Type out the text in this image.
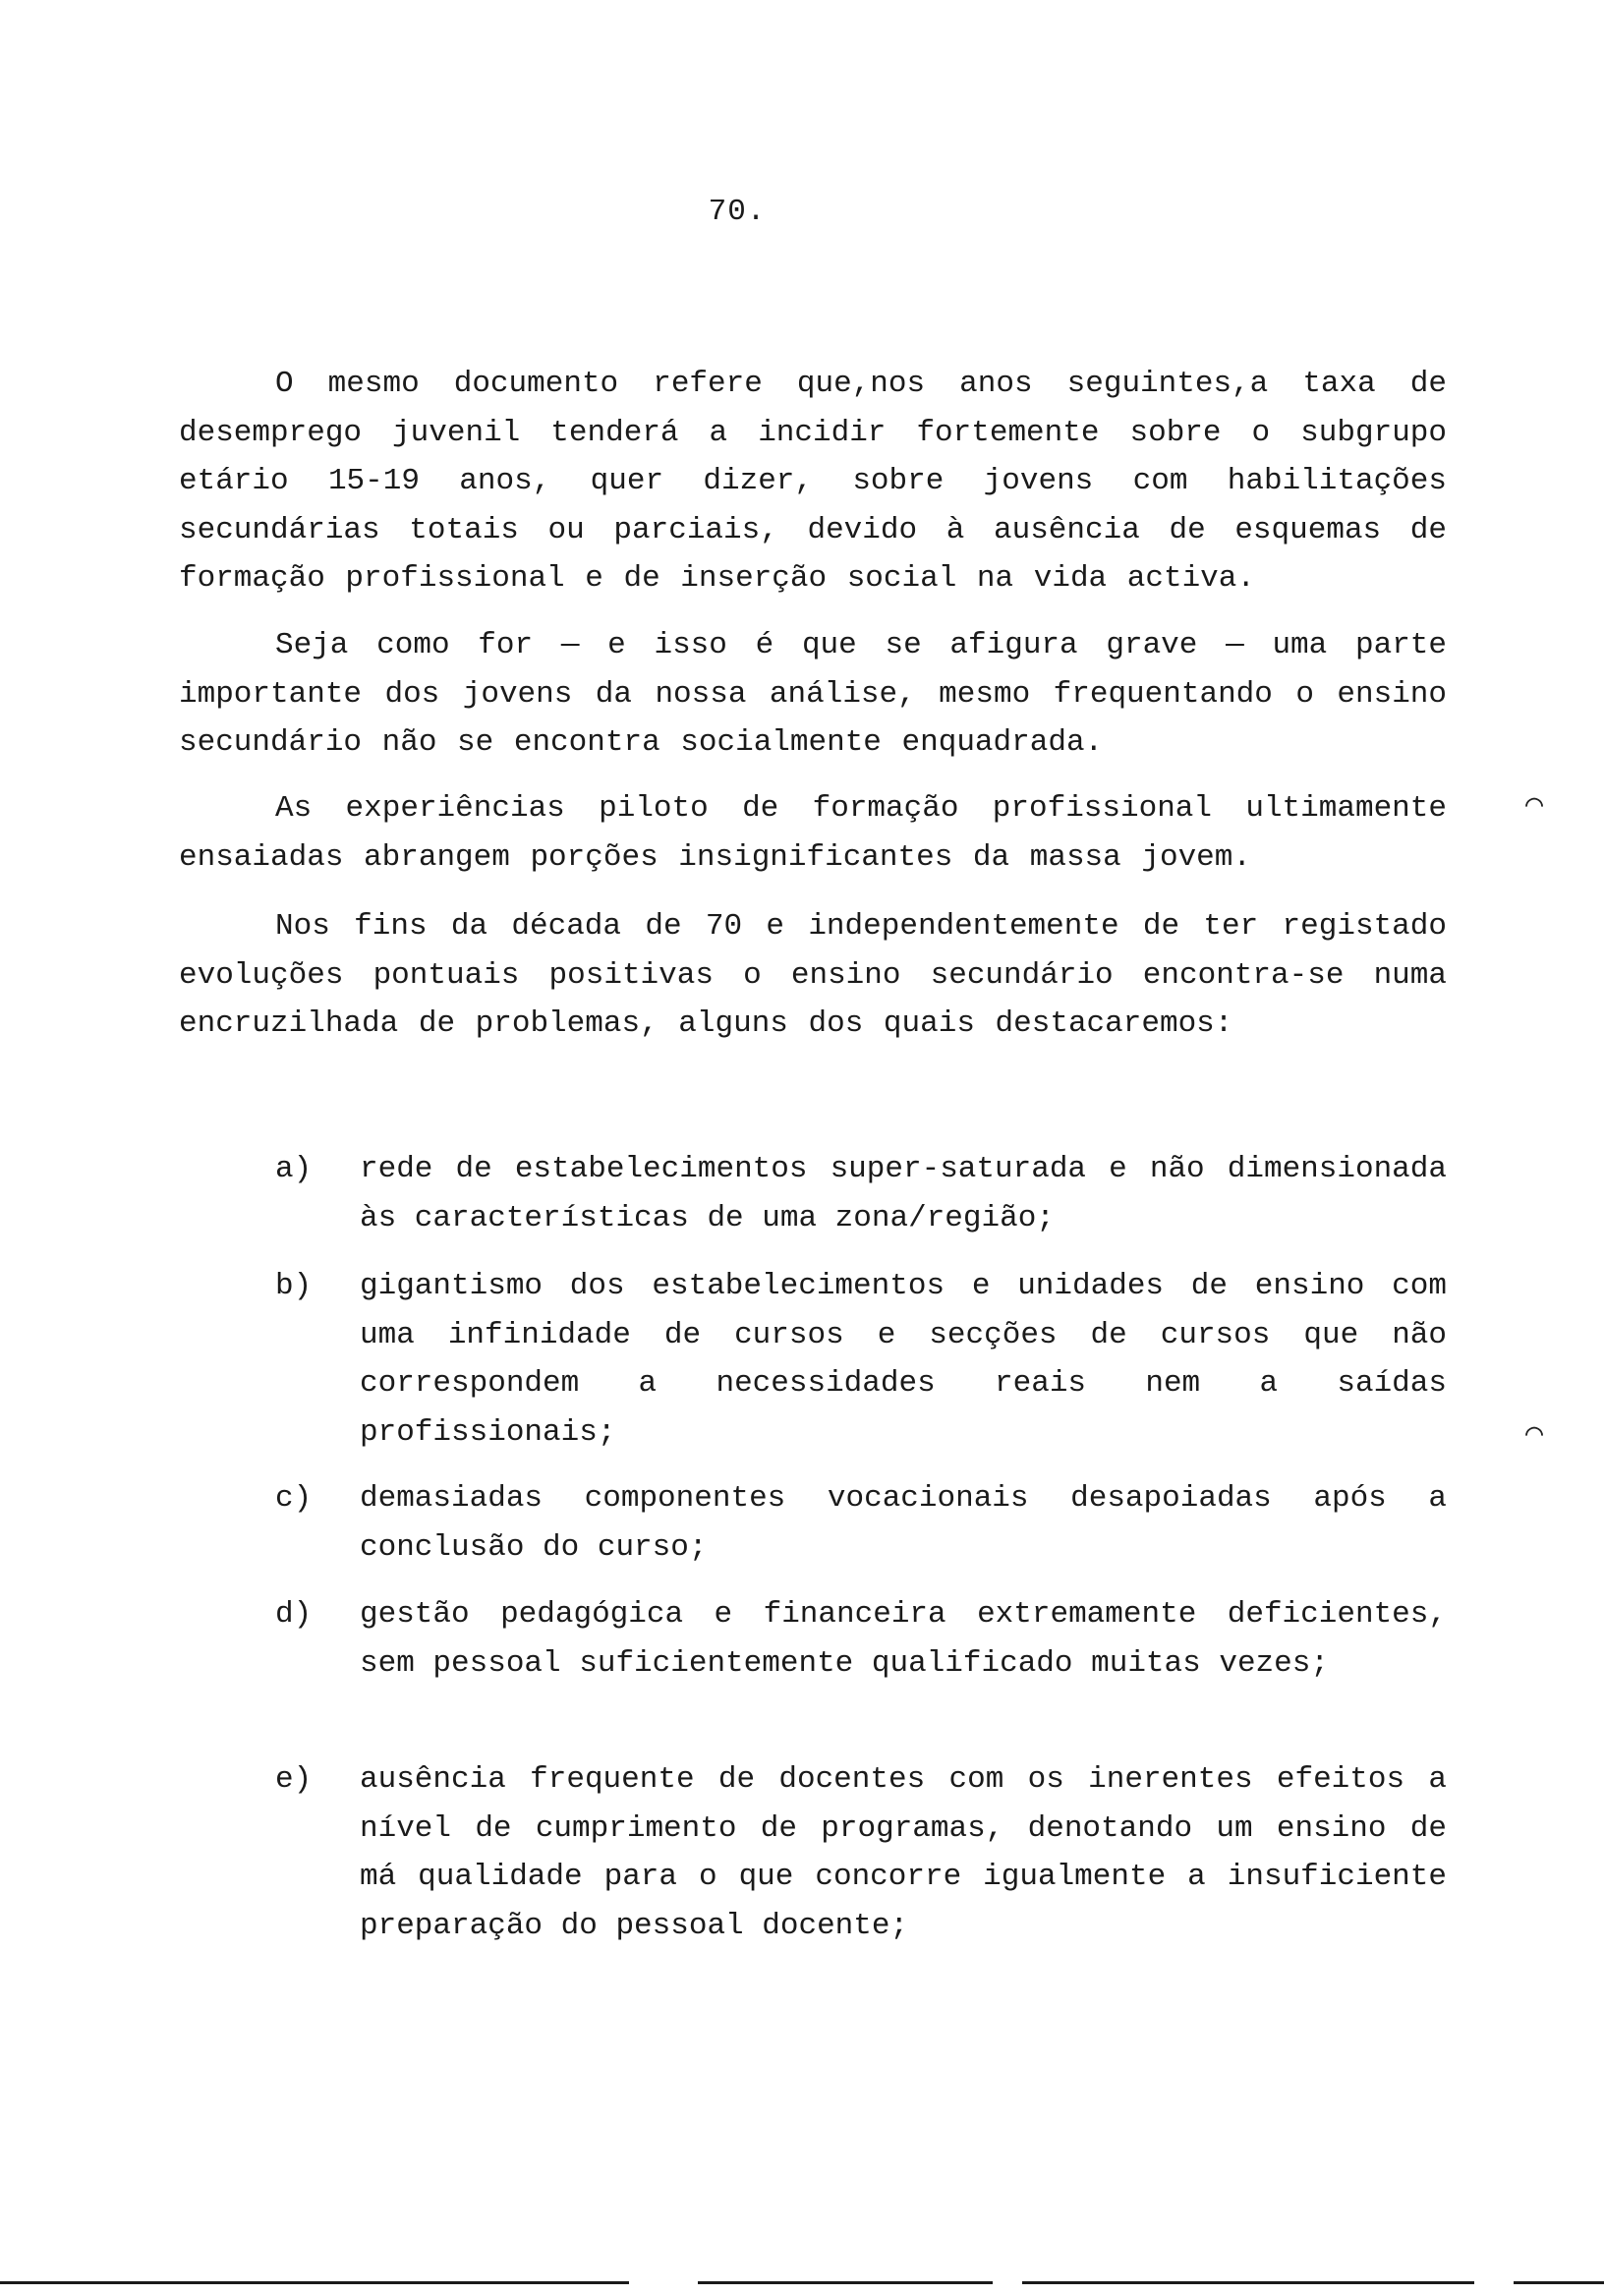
70.

O mesmo documento refere que,nos anos seguintes,a taxa de desemprego juvenil tenderá a incidir fortemente sobre o subgrupo etário 15-19 anos, quer dizer, sobre jovens com habilitações secundárias totais ou parciais, devido à ausência de esquemas de formação profissional e de inserção social na vida activa.

Seja como for — e isso é que se afigura grave — uma parte importante dos jovens da nossa análise, mesmo frequentando o ensino secundário não se encontra socialmente enquadrada.

As experiências piloto de formação profissional ultimamente ensaiadas abrangem porções insignificantes da massa jovem.

Nos fins da década de 70 e independentemente de ter registado evoluções pontuais positivas o ensino secundário encontra-se numa encruzilhada de problemas, alguns dos quais destacaremos:

a) rede de estabelecimentos super-saturada e não dimensionada às características de uma zona/região;
b) gigantismo dos estabelecimentos e unidades de ensino com uma infinidade de cursos e secções de cursos que não correspondem a necessidades reais nem a saídas profissionais;
c) demasiadas componentes vocacionais desapoiadas após a conclusão do curso;
d) gestão pedagógica e financeira extremamente deficientes, sem pessoal suficientemente qualificado muitas vezes;
e) ausência frequente de docentes com os inerentes efeitos a nível de cumprimento de programas, denotando um ensino de má qualidade para o que concorre igualmente a insuficiente preparação do pessoal docente;
⌒
⌒
